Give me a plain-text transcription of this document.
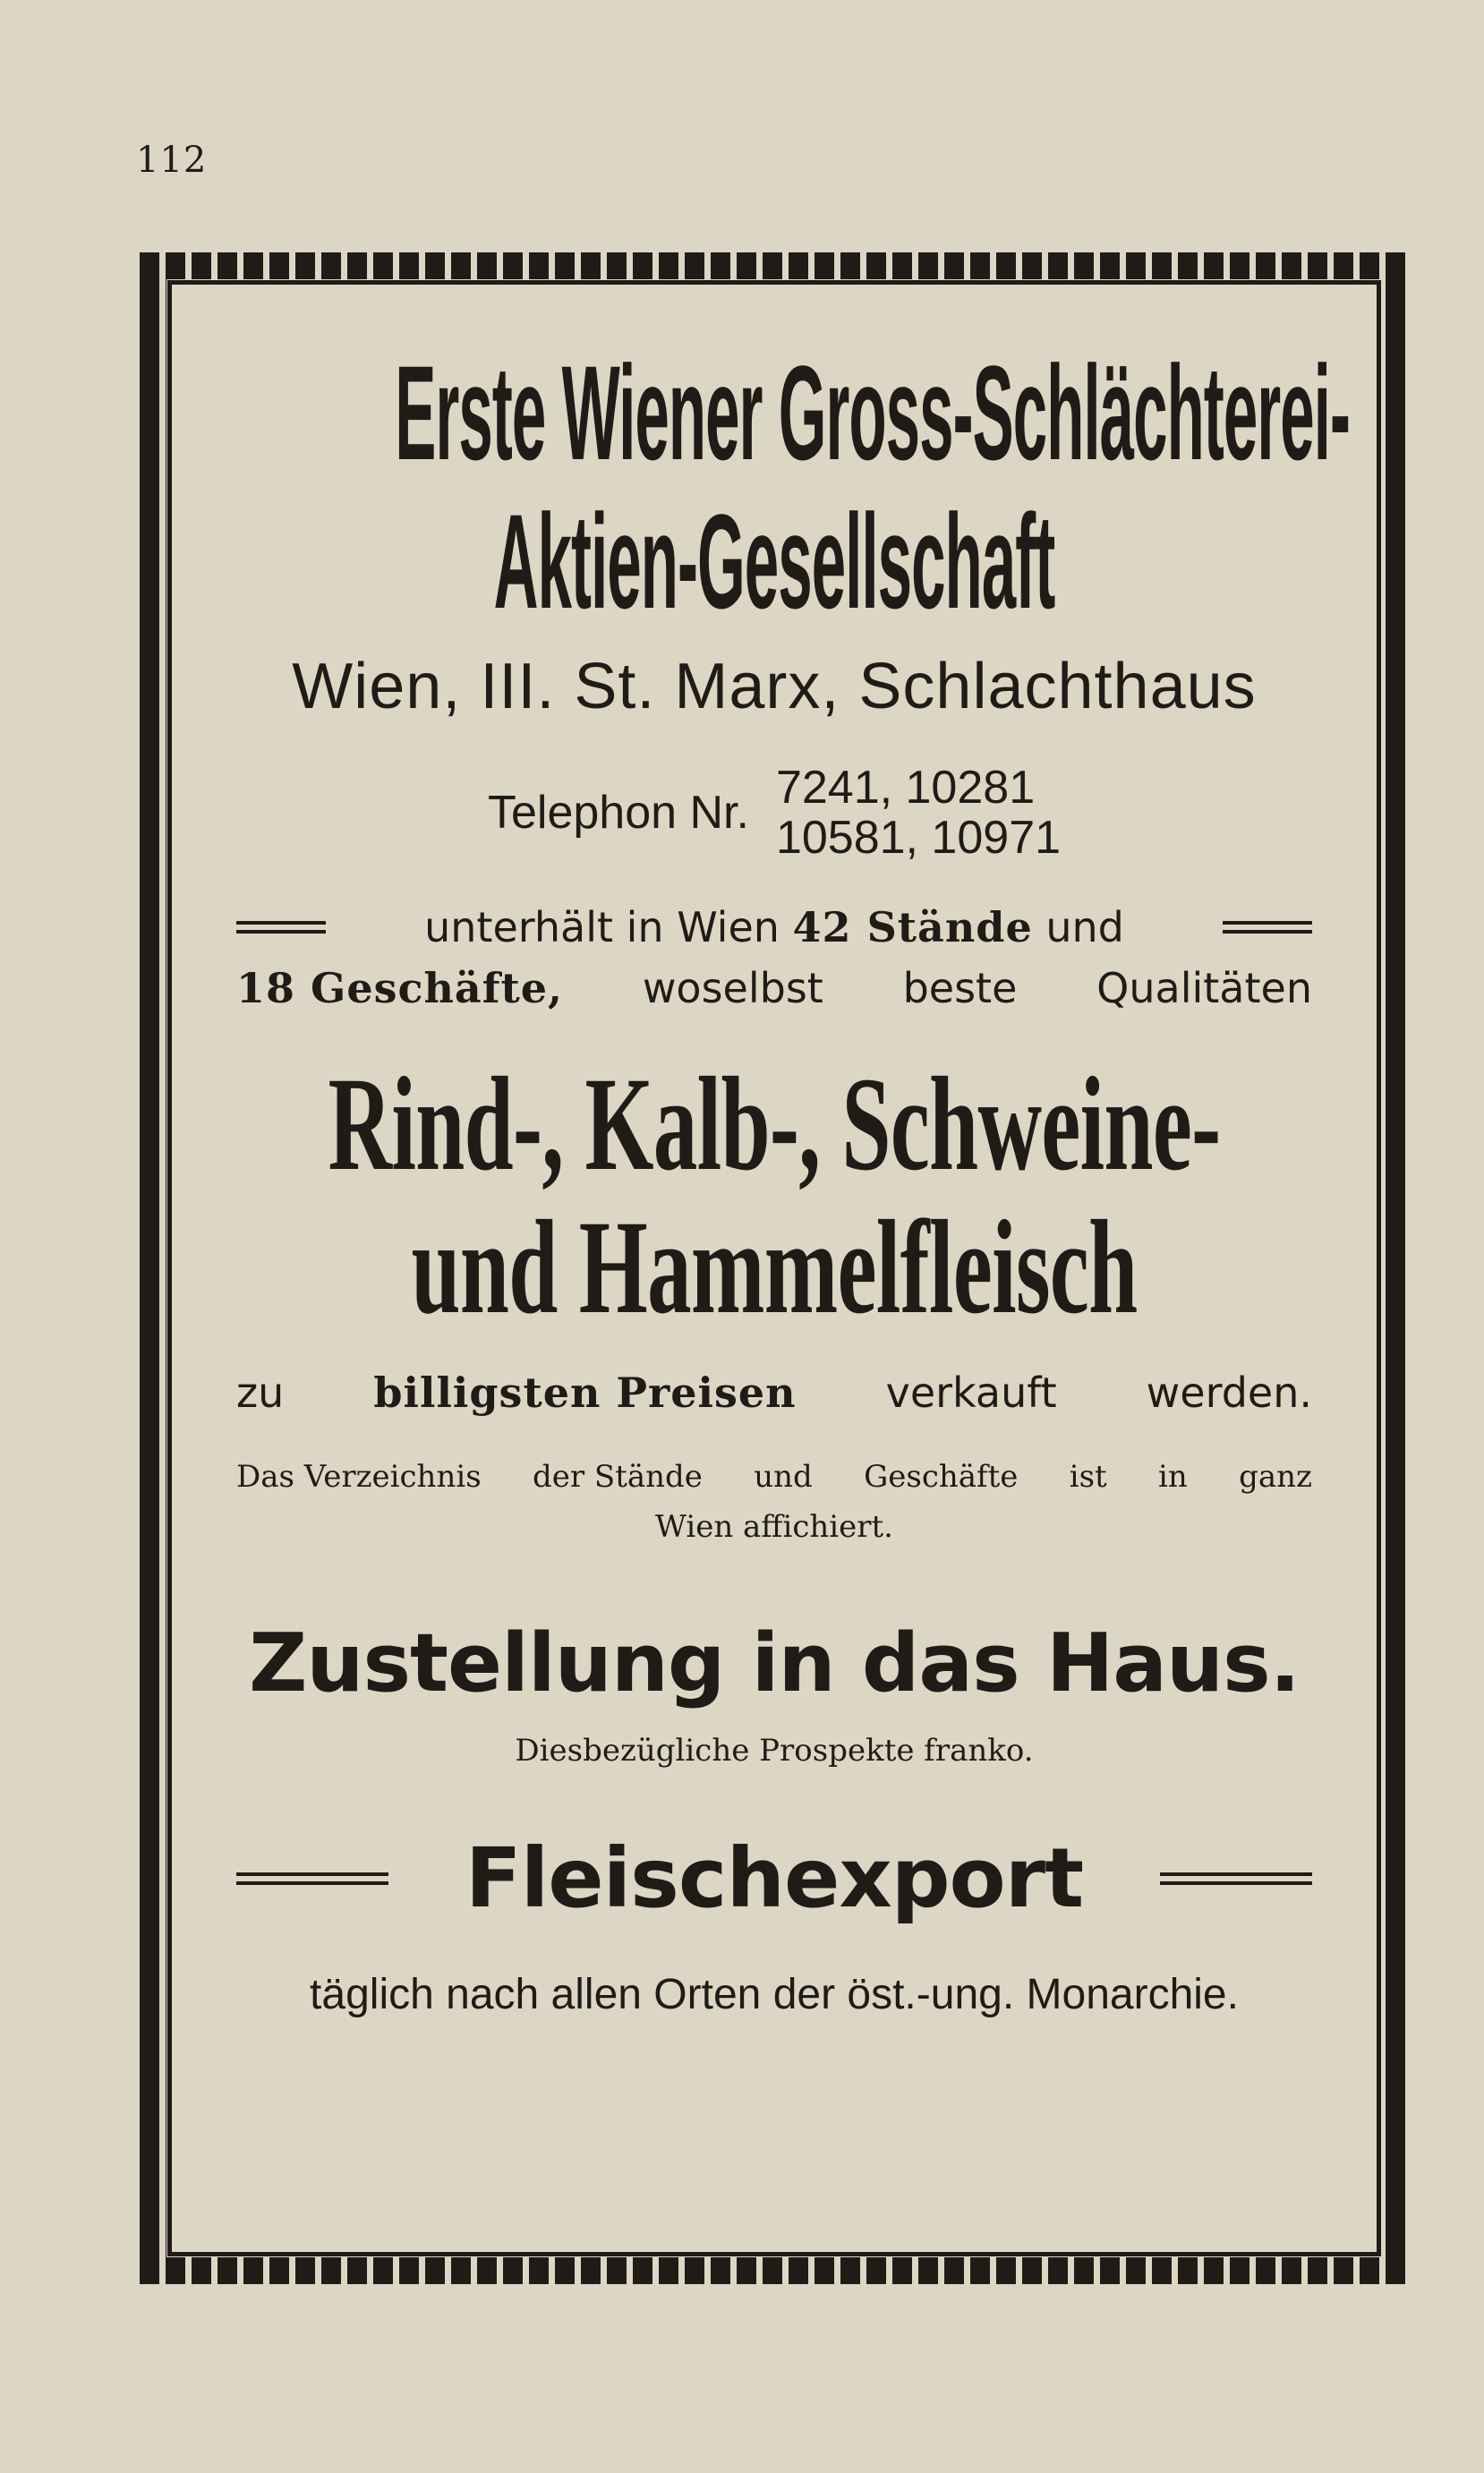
112
Erste Wiener Gross-Schlächterei-
Aktien-Gesellschaft
Wien, III. St. Marx, Schlachthaus
Telephon Nr. 7241, 10281
10581, 10971
unterhält in Wien 42 Stände und
18 Geschäfte, woselbst beste Qualitäten
Rind-, Kalb-, Schweine-
und Hammelfleisch
zu billigsten Preisen verkauft werden.
Das Verzeichnis der Stände und Geschäfte ist in ganz
Wien affichiert.
Zustellung in das Haus.
Diesbezügliche Prospekte franko.
Fleischexport
täglich nach allen Orten der öst.-ung. Monarchie.
